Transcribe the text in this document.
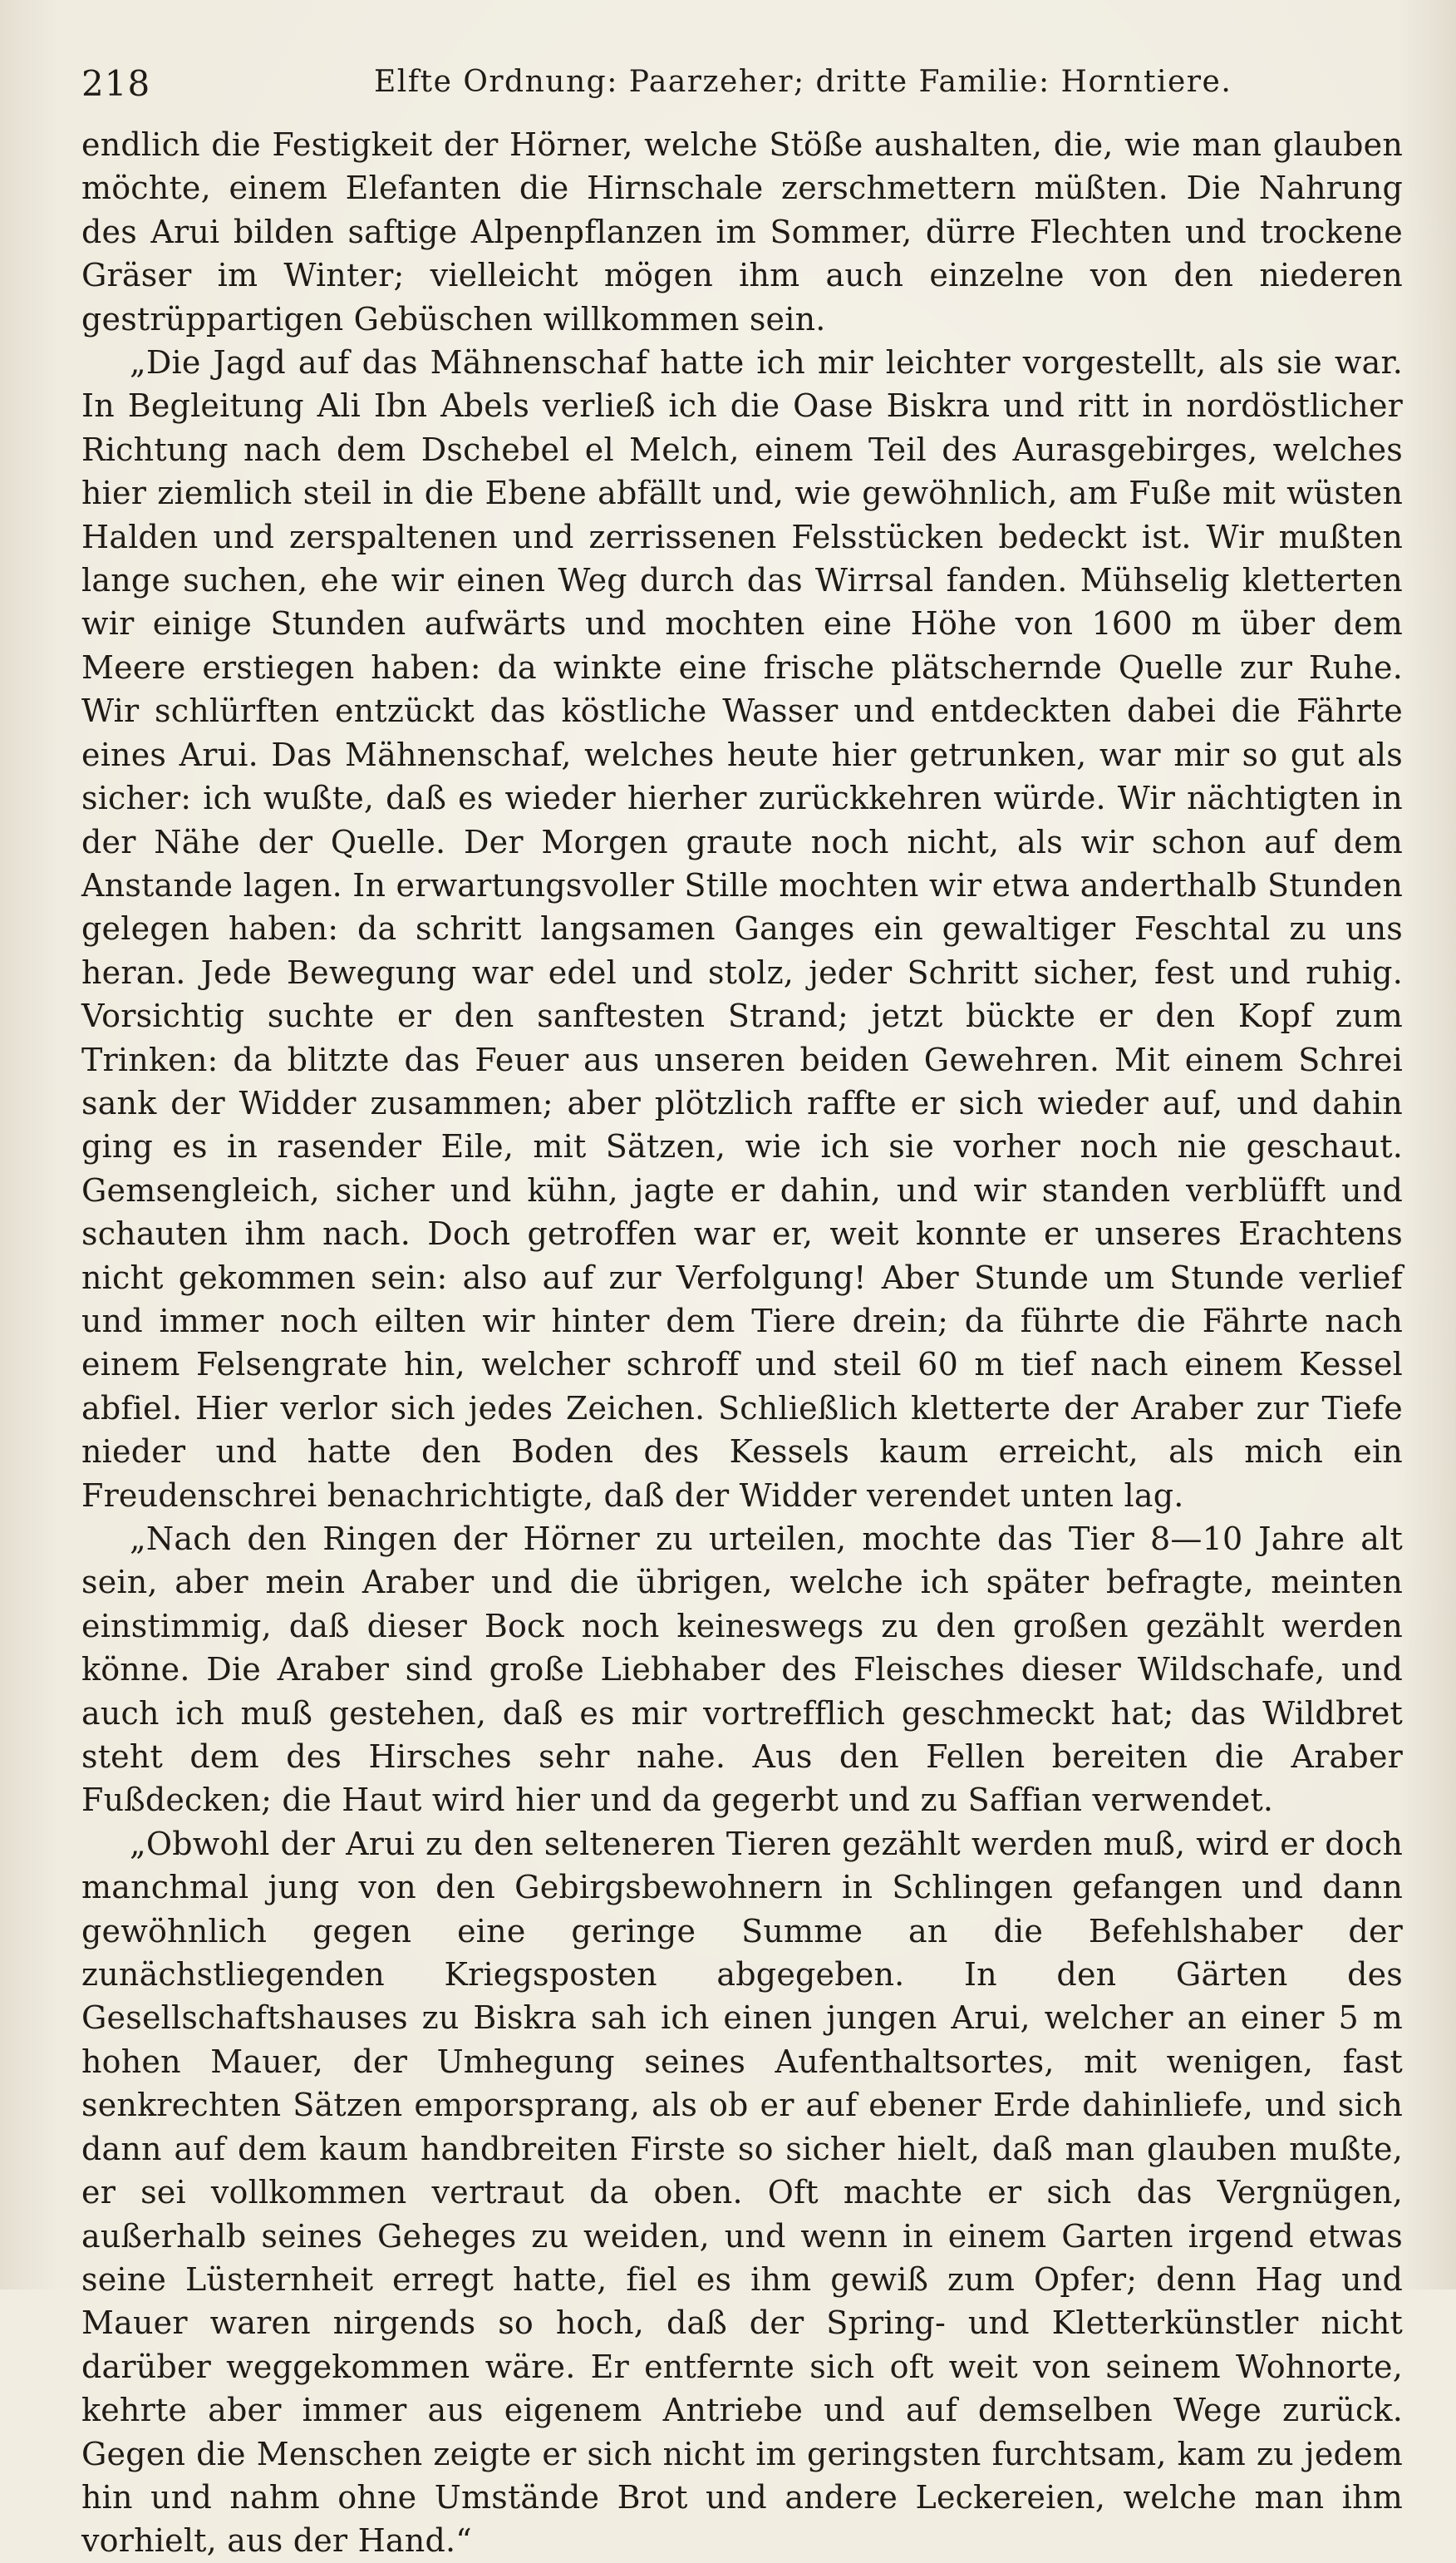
218	Elfte Ordnung: Paarzeher; dritte Familie: Horntiere.

endlich die Festigkeit der Hörner, welche Stöße aushalten, die, wie man glauben möchte, einem Elefanten die Hirnschale zerschmettern müßten. Die Nahrung des Arui bilden saftige Alpenpflanzen im Sommer, dürre Flechten und trockene Gräser im Winter; vielleicht mögen ihm auch einzelne von den niederen gestrüppartigen Gebüschen willkommen sein.

„Die Jagd auf das Mähnenschaf hatte ich mir leichter vorgestellt, als sie war. In Begleitung Ali Ibn Abels verließ ich die Oase Biskra und ritt in nordöstlicher Richtung nach dem Dschebel el Melch, einem Teil des Aurasgebirges, welches hier ziemlich steil in die Ebene abfällt und, wie gewöhnlich, am Fuße mit wüsten Halden und zerspaltenen und zerrissenen Felsstücken bedeckt ist. Wir mußten lange suchen, ehe wir einen Weg durch das Wirrsal fanden. Mühselig kletterten wir einige Stunden aufwärts und mochten eine Höhe von 1600 m über dem Meere erstiegen haben: da winkte eine frische plätschernde Quelle zur Ruhe. Wir schlürften entzückt das köstliche Wasser und entdeckten dabei die Fährte eines Arui. Das Mähnenschaf, welches heute hier getrunken, war mir so gut als sicher: ich wußte, daß es wieder hierher zurückkehren würde. Wir nächtigten in der Nähe der Quelle. Der Morgen graute noch nicht, als wir schon auf dem Anstande lagen. In erwartungsvoller Stille mochten wir etwa anderthalb Stunden gelegen haben: da schritt langsamen Ganges ein gewaltiger Feschtal zu uns heran. Jede Bewegung war edel und stolz, jeder Schritt sicher, fest und ruhig. Vorsichtig suchte er den sanftesten Strand; jetzt bückte er den Kopf zum Trinken: da blitzte das Feuer aus unseren beiden Gewehren. Mit einem Schrei sank der Widder zusammen; aber plötzlich raffte er sich wieder auf, und dahin ging es in rasender Eile, mit Sätzen, wie ich sie vorher noch nie geschaut. Gemsengleich, sicher und kühn, jagte er dahin, und wir standen verblüfft und schauten ihm nach. Doch getroffen war er, weit konnte er unseres Erachtens nicht gekommen sein: also auf zur Verfolgung! Aber Stunde um Stunde verlief und immer noch eilten wir hinter dem Tiere drein; da führte die Fährte nach einem Felsengrate hin, welcher schroff und steil 60 m tief nach einem Kessel abfiel. Hier verlor sich jedes Zeichen. Schließlich kletterte der Araber zur Tiefe nieder und hatte den Boden des Kessels kaum erreicht, als mich ein Freudenschrei benachrichtigte, daß der Widder verendet unten lag.

„Nach den Ringen der Hörner zu urteilen, mochte das Tier 8—10 Jahre alt sein, aber mein Araber und die übrigen, welche ich später befragte, meinten einstimmig, daß dieser Bock noch keineswegs zu den großen gezählt werden könne. Die Araber sind große Liebhaber des Fleisches dieser Wildschafe, und auch ich muß gestehen, daß es mir vortrefflich geschmeckt hat; das Wildbret steht dem des Hirsches sehr nahe. Aus den Fellen bereiten die Araber Fußdecken; die Haut wird hier und da gegerbt und zu Saffian verwendet.

„Obwohl der Arui zu den selteneren Tieren gezählt werden muß, wird er doch manchmal jung von den Gebirgsbewohnern in Schlingen gefangen und dann gewöhnlich gegen eine geringe Summe an die Befehlshaber der zunächstliegenden Kriegsposten abgegeben. In den Gärten des Gesellschaftshauses zu Biskra sah ich einen jungen Arui, welcher an einer 5 m hohen Mauer, der Umhegung seines Aufenthaltsortes, mit wenigen, fast senkrechten Sätzen emporsprang, als ob er auf ebener Erde dahinliefe, und sich dann auf dem kaum handbreiten Firste so sicher hielt, daß man glauben mußte, er sei vollkommen vertraut da oben. Oft machte er sich das Vergnügen, außerhalb seines Geheges zu weiden, und wenn in einem Garten irgend etwas seine Lüsternheit erregt hatte, fiel es ihm gewiß zum Opfer; denn Hag und Mauer waren nirgends so hoch, daß der Spring- und Kletterkünstler nicht darüber weggekommen wäre. Er entfernte sich oft weit von seinem Wohnorte, kehrte aber immer aus eigenem Antriebe und auf demselben Wege zurück. Gegen die Menschen zeigte er sich nicht im geringsten furchtsam, kam zu jedem hin und nahm ohne Umstände Brot und andere Leckereien, welche man ihm vorhielt, aus der Hand.“
